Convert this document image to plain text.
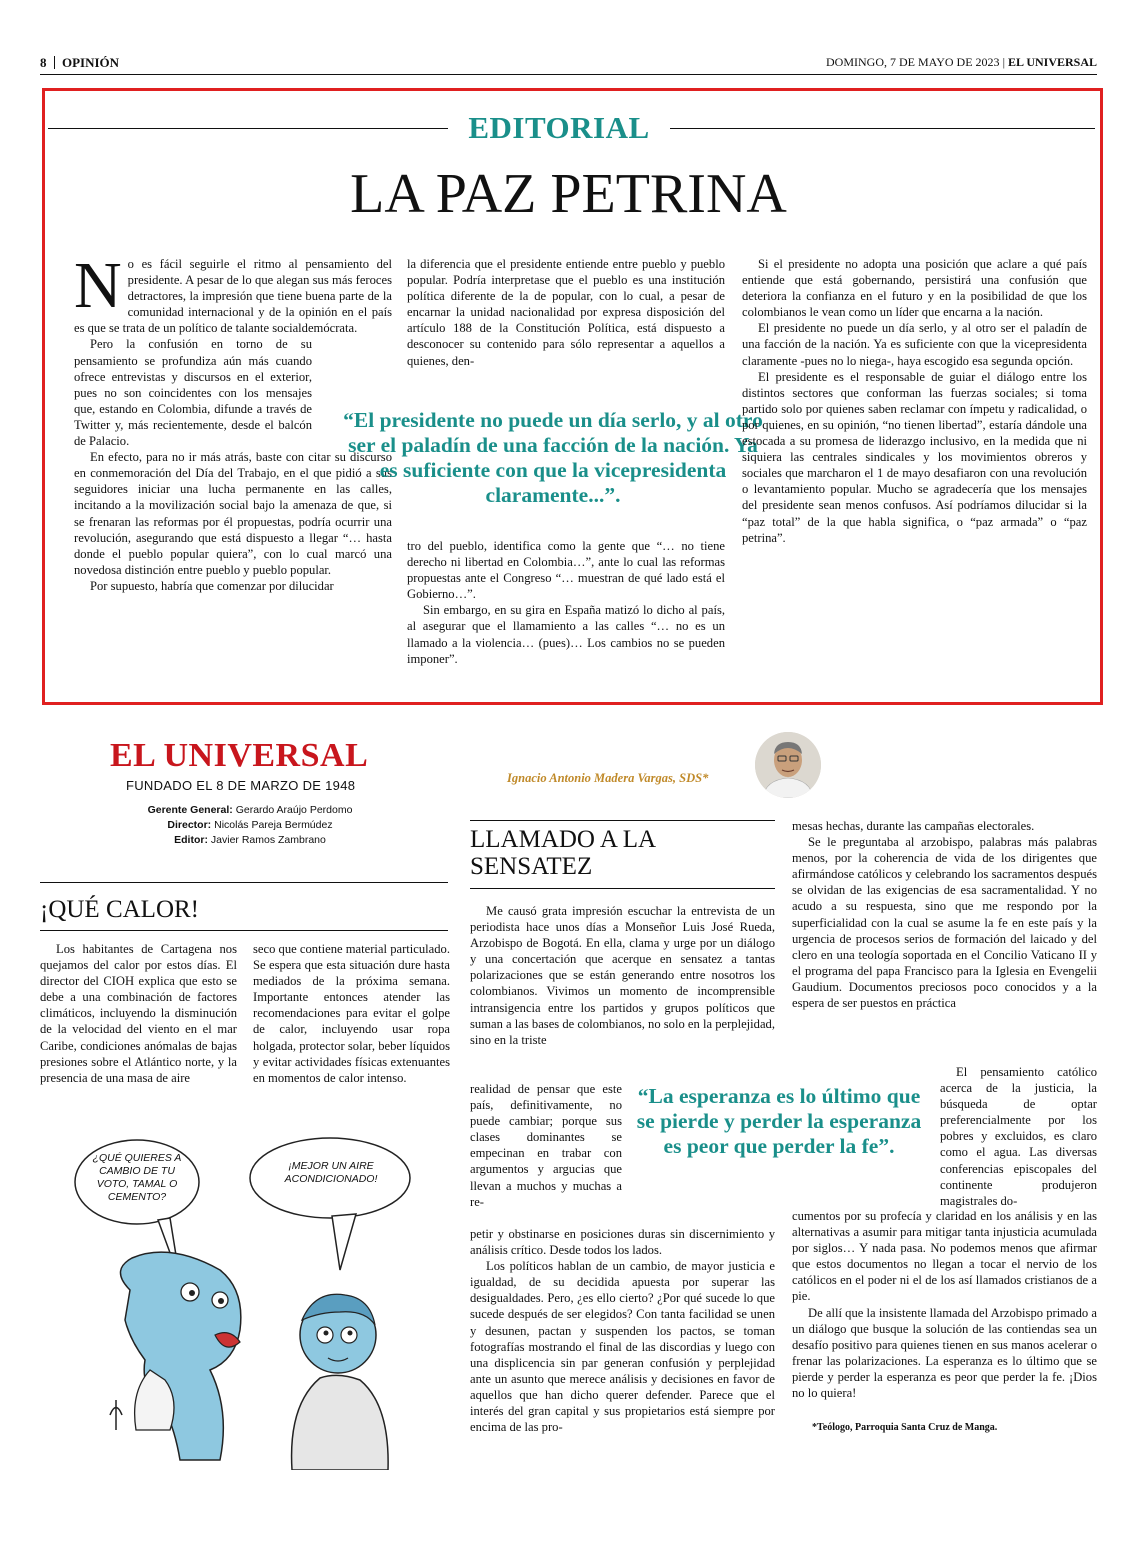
8 OPINIÓN	DOMINGO, 7 DE MAYO DE 2023 | EL UNIVERSAL
EDITORIAL
LA PAZ PETRINA
N o es fácil seguirle el ritmo al pensamiento del presidente. A pesar de lo que alegan sus más feroces detractores, la impresión que tiene buena parte de la comunidad internacional y de la opinión en el país es que se trata de un político de talante socialdemócrata.

Pero la confusión en torno de su pensamiento se profundiza aún más cuando ofrece entrevistas y discursos en el exterior, pues no son coincidentes con los mensajes que, estando en Colombia, difunde a través de Twitter y, más recientemente, desde el balcón de Palacio.

En efecto, para no ir más atrás, baste con citar su discurso en conmemoración del Día del Trabajo, en el que pidió a sus seguidores iniciar una lucha permanente en las calles, incitando a la movilización social bajo la amenaza de que, si se frenaran las reformas por él propuestas, podría ocurrir una revolución, asegurando que está dispuesto a llegar “… hasta donde el pueblo popular quiera”, con lo cual marcó una novedosa distinción entre pueblo y pueblo popular.

Por supuesto, habría que comenzar por dilucidar

la diferencia que el presidente entiende entre pueblo y pueblo popular. Podría interpretase que el pueblo es una institución política diferente de la de popular, con lo cual, a pesar de encarnar la unidad nacionalidad por expresa disposición del artículo 188 de la Constitución Política, está dispuesto a desconocer su contenido para sólo representar a aquellos a quienes, den-

“El presidente no puede un día serlo, y al otro ser el paladín de una facción de la nación. Ya es suficiente con que la vicepresidenta claramente...”.

tro del pueblo, identifica como la gente que “… no tiene derecho ni libertad en Colombia…”, ante lo cual las reformas propuestas ante el Congreso “… muestran de qué lado está el Gobierno…”.

Sin embargo, en su gira en España matizó lo dicho al país, al asegurar que el llamamiento a las calles “… no es un llamado a la violencia… (pues)… Los cambios no se pueden imponer”.

Si el presidente no adopta una posición que aclare a qué país entiende que está gobernando, persistirá una confusión que deteriora la confianza en el futuro y en la posibilidad de que los colombianos le vean como un líder que encarna a la nación.

El presidente no puede un día serlo, y al otro ser el paladín de una facción de la nación. Ya es suficiente con que la vicepresidenta claramente -pues no lo niega-, haya escogido esa segunda opción.

El presidente es el responsable de guiar el diálogo entre los distintos sectores que conforman las fuerzas sociales; si toma partido solo por quienes saben reclamar con ímpetu y radicalidad, o por quienes, en su opinión, “no tienen libertad”, estaría dándole una estocada a su promesa de liderazgo inclusivo, en la medida que ni siquiera las centrales sindicales y los movimientos obreros y sociales que marcharon el 1 de mayo desafiaron con una revolución o levantamiento popular. Mucho se agradecería que los mensajes del presidente sean menos confusos. Así podríamos dilucidar si la “paz total” de la que habla significa, o “paz armada” o “paz petrina”.

EL UNIVERSAL
FUNDADO EL 8 DE MARZO DE 1948
Gerente General: Gerardo Araújo Perdomo
Director: Nicolás Pareja Bermúdez
Editor: Javier Ramos Zambrano
¡QUÉ CALOR!

Los habitantes de Cartagena nos quejamos del calor por estos días. El director del CIOH explica que esto se debe a una combinación de factores climáticos, incluyendo la disminución de la velocidad del viento en el mar Caribe, condiciones anómalas de bajas presiones sobre el Atlántico norte, y la presencia de una masa de aire

seco que contiene material particulado. Se espera que esta situación dure hasta mediados de la próxima semana. Importante entonces atender las recomendaciones para evitar el golpe de calor, incluyendo usar ropa holgada, protector solar, beber líquidos y evitar actividades físicas extenuantes en momentos de calor intenso.

¿QUÉ QUIERES A CAMBIO DE TU VOTO, TAMAL O CEMENTO?
¡MEJOR UN AIRE ACONDICIONADO!
Ignacio Antonio Madera Vargas, SDS*
LLAMADO A LA
SENSATEZ

Me causó grata impresión escuchar la entrevista de un periodista hace unos días a Monseñor Luis José Rueda, Arzobispo de Bogotá. En ella, clama y urge por un diálogo y una concertación que acerque en sensatez a tantas polarizaciones que se están generando entre nosotros los colombianos. Vivimos un momento de incomprensible intransigencia entre los partidos y grupos políticos que suman a las bases de colombianos, no solo en la perplejidad, sino en la triste

realidad de pensar que este país, definitivamente, no puede cambiar; porque sus clases dominantes se empecinan en trabar con argumentos y argucias que llevan a muchos y muchas a re-

“La esperanza es lo último que se pierde y perder la esperanza es peor que perder la fe”.

petir y obstinarse en posiciones duras sin discernimiento y análisis crítico. Desde todos los lados.

Los políticos hablan de un cambio, de mayor justicia e igualdad, de su decidida apuesta por superar las desigualdades. Pero, ¿es ello cierto? ¿Por qué sucede lo que sucede después de ser elegidos? Con tanta facilidad se unen y desunen, pactan y suspenden los pactos, se toman fotografías mostrando el final de las discordias y luego con una displicencia sin par generan confusión y perplejidad ante un asunto que merece análisis y decisiones en favor de aquellos que han dicho querer defender. Parece que el interés del gran capital y sus propietarios está siempre por encima de las pro-

mesas hechas, durante las campañas electorales.

Se le preguntaba al arzobispo, palabras más palabras menos, por la coherencia de vida de los dirigentes que afirmándose católicos y celebrando los sacramentos después se olvidan de las exigencias de esa sacramentalidad. Y no acudo a su respuesta, sino que me respondo por la superficialidad con la cual se asume la fe en este país y la urgencia de procesos serios de formación del laicado y del clero en una teología soportada en el Concilio Vaticano II y el programa del papa Francisco para la Iglesia en Evengelii Gaudium. Documentos preciosos poco conocidos y a la espera de ser puestos en práctica

El pensamiento católico acerca de la justicia, la búsqueda de optar preferencialmente por los pobres y excluidos, es claro como el agua. Las diversas conferencias episcopales del continente produjeron magistrales do-

cumentos por su profecía y claridad en los análisis y en las alternativas a asumir para mitigar tanta injusticia acumulada por siglos… Y nada pasa. No podemos menos que afirmar que estos documentos no llegan a tocar el nervio de los católicos en el poder ni el de los así llamados cristianos de a pie.

De allí que la insistente llamada del Arzobispo primado a un diálogo que busque la solución de las contiendas sea un desafío positivo para quienes tienen en sus manos acelerar o frenar las polarizaciones. La esperanza es lo último que se pierde y perder la esperanza es peor que perder la fe. ¡Dios no lo quiera!

*Teólogo, Parroquia Santa Cruz de Manga.
